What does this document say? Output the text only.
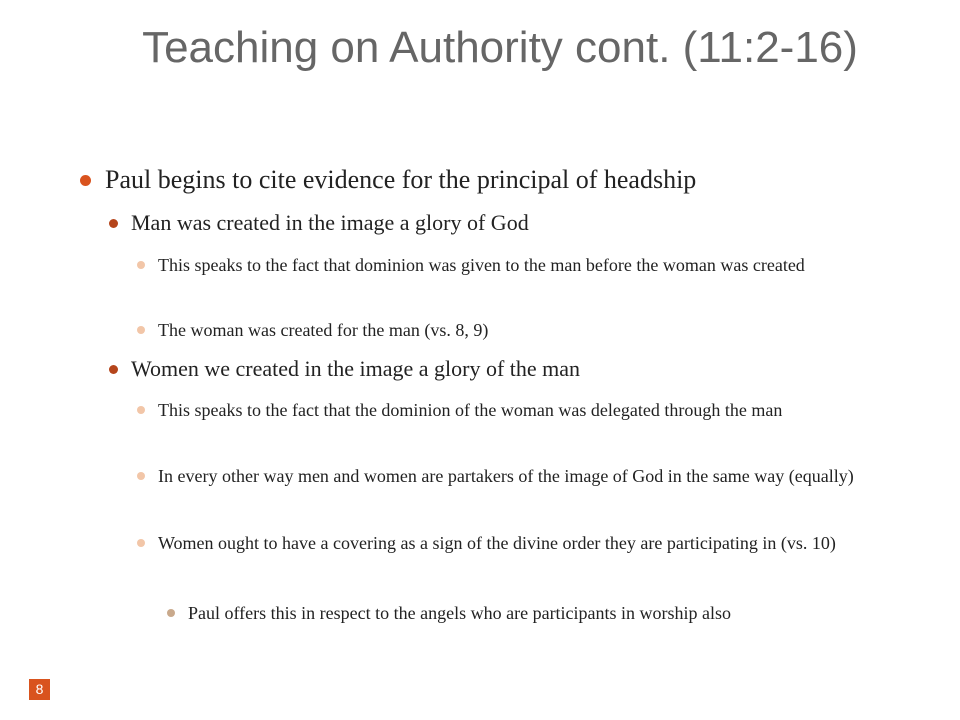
Teaching on Authority cont. (11:2-16)

Paul begins to cite evidence for the principal of headship

Man was created in the image a glory of God

This speaks to the fact that dominion was given to the man before the woman was created

The woman was created for the man (vs. 8, 9)

Women we created in the image a glory of the man

This speaks to the fact that the dominion of the woman was delegated through the man

In every other way men and women are partakers of the image of God in the same way (equally)

Women ought to have a covering as a sign of the divine order they are participating in (vs. 10)

Paul offers this in respect to the angels who are participants in worship also

8
